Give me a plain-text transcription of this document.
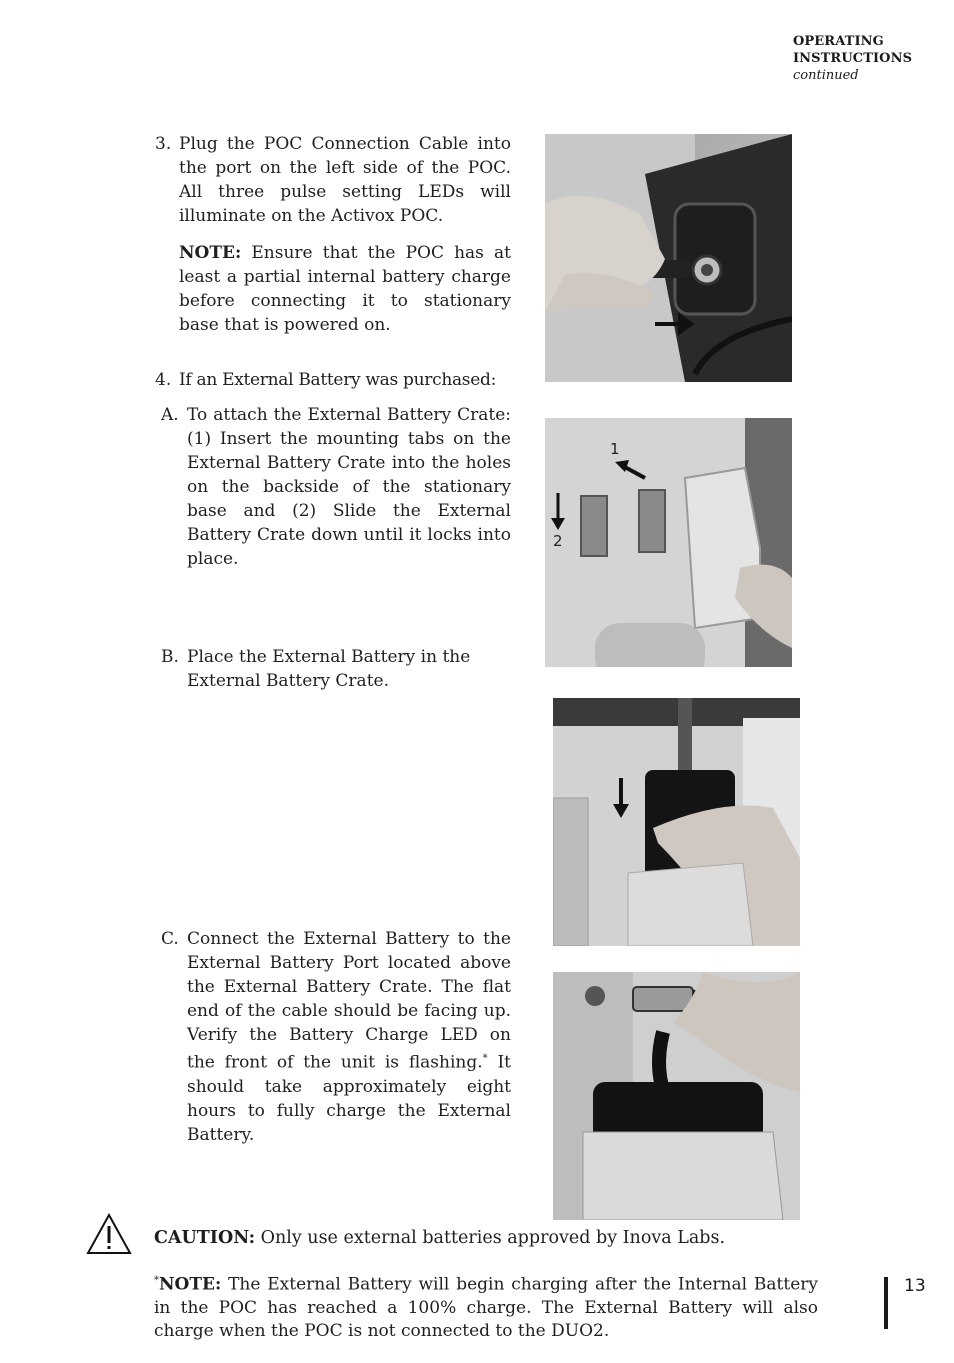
OPERATING
INSTRUCTIONS
continued
3. Plug the POC Connection Cable into the port on the left side of the POC. All three pulse setting LEDs will illuminate on the Activox POC.
NOTE: Ensure that the POC has at least a partial internal battery charge before connecting it to stationary base that is powered on.
4. If an External Battery was purchased:
A. To attach the External Battery Crate: (1) Insert the mounting tabs on the External Battery Crate into the holes on the backside of the stationary base and (2) Slide the External Battery Crate down until it locks into place.
B. Place the External Battery in the External Battery Crate.
C. Connect the External Battery to the External Battery Port located above the External Battery Crate. The flat end of the cable should be facing up. Verify the Battery Charge LED on the front of the unit is flashing.* It should take approximately eight hours to fully charge the External Battery.
1
2
CAUTION: Only use external batteries approved by Inova Labs.
*NOTE: The External Battery will begin charging after the Internal Battery in the POC has reached a 100% charge. The External Battery will also charge when the POC is not connected to the DUO2.
13
